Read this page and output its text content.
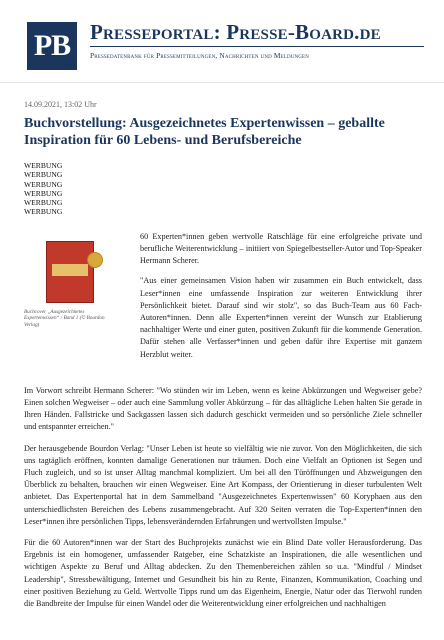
PB Presseportal: Presse-Board.de
Pressedatenbank für Pressemitteilungen, Nachrichten und Meldungen
14.09.2021, 13:02 Uhr
Buchvorstellung: Ausgezeichnetes Expertenwissen – geballte Inspiration für 60 Lebens- und Berufsbereiche
WERBUNG
WERBUNG
WERBUNG
WERBUNG
WERBUNG
WERBUNG
Buchcover „Ausgezeichnetes Expertenwissen“ / Band 1 (© Bourdon Verlag)

60 Experten*innen geben wertvolle Ratschläge für eine erfolgreiche private und berufliche Weiterentwicklung – initiiert von Spiegelbestseller-Autor und Top-Speaker Hermann Scherer.

"Aus einer gemeinsamen Vision haben wir zusammen ein Buch entwickelt, dass Leser*innen eine umfassende Inspiration zur weiteren Entwicklung ihrer Persönlichkeit bietet. Darauf sind wir stolz", so das Buch-Team aus 60 Fach-Autoren*innen. Denn alle Experten*innen vereint der Wunsch zur Etablierung nachhaltiger Werte und einer guten, positiven Zukunft für die kommende Generation. Dafür stehen alle Verfasser*innen und geben dafür ihre Expertise mit ganzem Herzblut weiter.

Im Vorwort schreibt Hermann Scherer: "Wo stünden wir im Leben, wenn es keine Abkürzungen und Wegweiser gebe? Einen solchen Wegweiser – oder auch eine Sammlung voller Abkürzung – für das alltägliche Leben halten Sie gerade in Ihren Händen. Fallstricke und Sackgassen lassen sich dadurch geschickt vermeiden und so persönliche Ziele schneller und entspannter erreichen."

Der herausgebende Bourdon Verlag: "Unser Leben ist heute so vielfältig wie nie zuvor. Von den Möglichkeiten, die sich uns tagtäglich eröffnen, konnten damalige Generationen nur träumen. Doch eine Vielfalt an Optionen ist Segen und Fluch zugleich, und so ist unser Alltag manchmal kompliziert. Um bei all den Türöffnungen und Abzweigungen den Überblick zu behalten, brauchen wir einen Wegweiser. Eine Art Kompass, der Orientierung in dieser turbulenten Welt anbietet. Das Expertenportal hat in dem Sammelband "Ausgezeichnetes Expertenwissen" 60 Koryphaen aus den unterschiedlichsten Bereichen des Lebens zusammengebracht. Auf 320 Seiten verraten die Top-Experten*innen den Leser*innen ihre persönlichen Tipps, lebensverändernden Erfahrungen und wertvollsten Impulse."

Für die 60 Autoren*innen war der Start des Buchprojekts zunächst wie ein Blind Date voller Herausforderung. Das Ergebnis ist ein homogener, umfassender Ratgeber, eine Schatzkiste an Inspirationen, die alle wesentlichen und wichtigen Aspekte zu Beruf und Alltag abdecken. Zu den Themenbereichen zählen so u.a. "Mindful / Mindset Leadership", Stressbewältigung, Internet und Gesundheit bis hin zu Rente, Finanzen, Kommunikation, Coaching und einer positiven Beziehung zu Geld. Wertvolle Tipps rund um das Eigenheim, Energie, Natur oder das Tierwohl runden die Bandbreite der Impulse für einen Wandel oder die Weiterentwicklung einer erfolgreichen und nachhaltigen
